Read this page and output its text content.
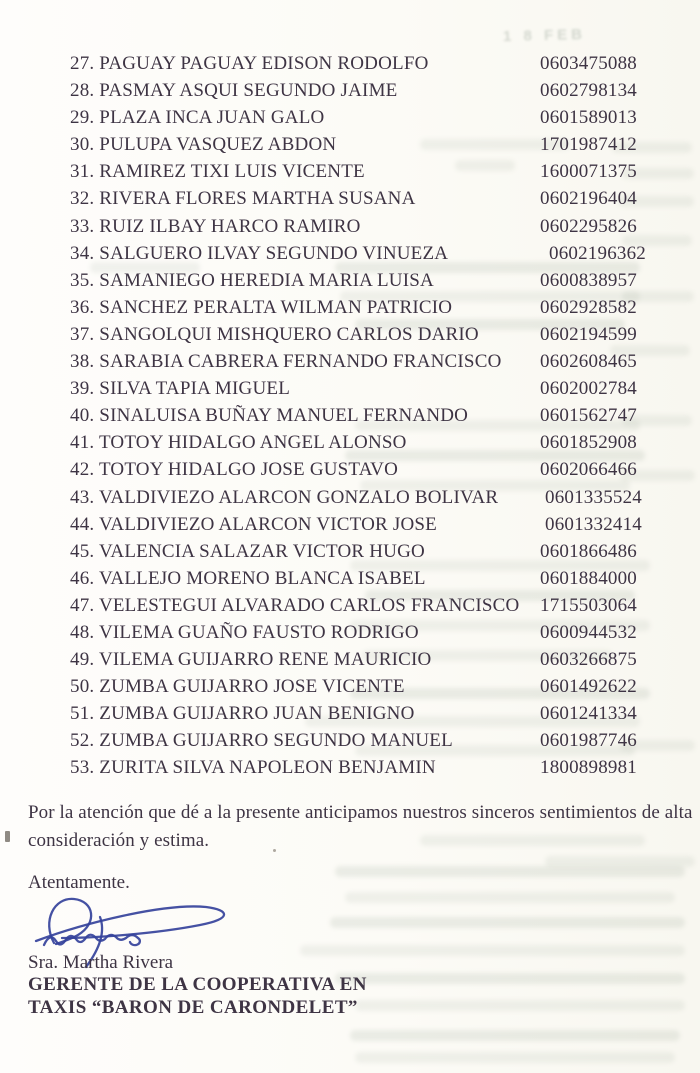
1 8 FEB
27. PAGUAY PAGUAY EDISON RODOLFO	0603475088
28. PASMAY ASQUI SEGUNDO JAIME	0602798134
29. PLAZA INCA JUAN GALO	0601589013
30. PULUPA VASQUEZ ABDON	1701987412
31. RAMIREZ TIXI LUIS VICENTE	1600071375
32. RIVERA FLORES MARTHA SUSANA	0602196404
33. RUIZ ILBAY HARCO RAMIRO	0602295826
34. SALGUERO ILVAY SEGUNDO VINUEZA	0602196362
35. SAMANIEGO HEREDIA MARIA LUISA	0600838957
36. SANCHEZ PERALTA WILMAN PATRICIO	0602928582
37. SANGOLQUI MISHQUERO CARLOS DARIO	0602194599
38. SARABIA CABRERA FERNANDO FRANCISCO 0602608465
39. SILVA TAPIA MIGUEL	0602002784
40. SINALUISA BUÑAY MANUEL FERNANDO	0601562747
41. TOTOY HIDALGO ANGEL ALONSO	0601852908
42. TOTOY HIDALGO JOSE GUSTAVO	0602066466
43. VALDIVIEZO ALARCON GONZALO BOLIVAR 0601335524
44. VALDIVIEZO ALARCON VICTOR JOSE	0601332414
45. VALENCIA SALAZAR VICTOR HUGO	0601866486
46. VALLEJO MORENO BLANCA ISABEL	0601884000
47. VELESTEGUI ALVARADO CARLOS FRANCISCO 1715503064
48. VILEMA GUAÑO FAUSTO RODRIGO	0600944532
49. VILEMA GUIJARRO RENE MAURICIO	0603266875
50. ZUMBA GUIJARRO JOSE VICENTE	0601492622
51. ZUMBA GUIJARRO JUAN BENIGNO	0601241334
52. ZUMBA GUIJARRO SEGUNDO MANUEL	0601987746
53. ZURITA SILVA NAPOLEON BENJAMIN	1800898981

Por la atención que dé a la presente anticipamos nuestros sinceros sentimientos de alta consideración y estima.

Atentamente.

Sra. Martha Rivera
GERENTE DE LA COOPERATIVA EN
TAXIS “BARON DE CARONDELET”
